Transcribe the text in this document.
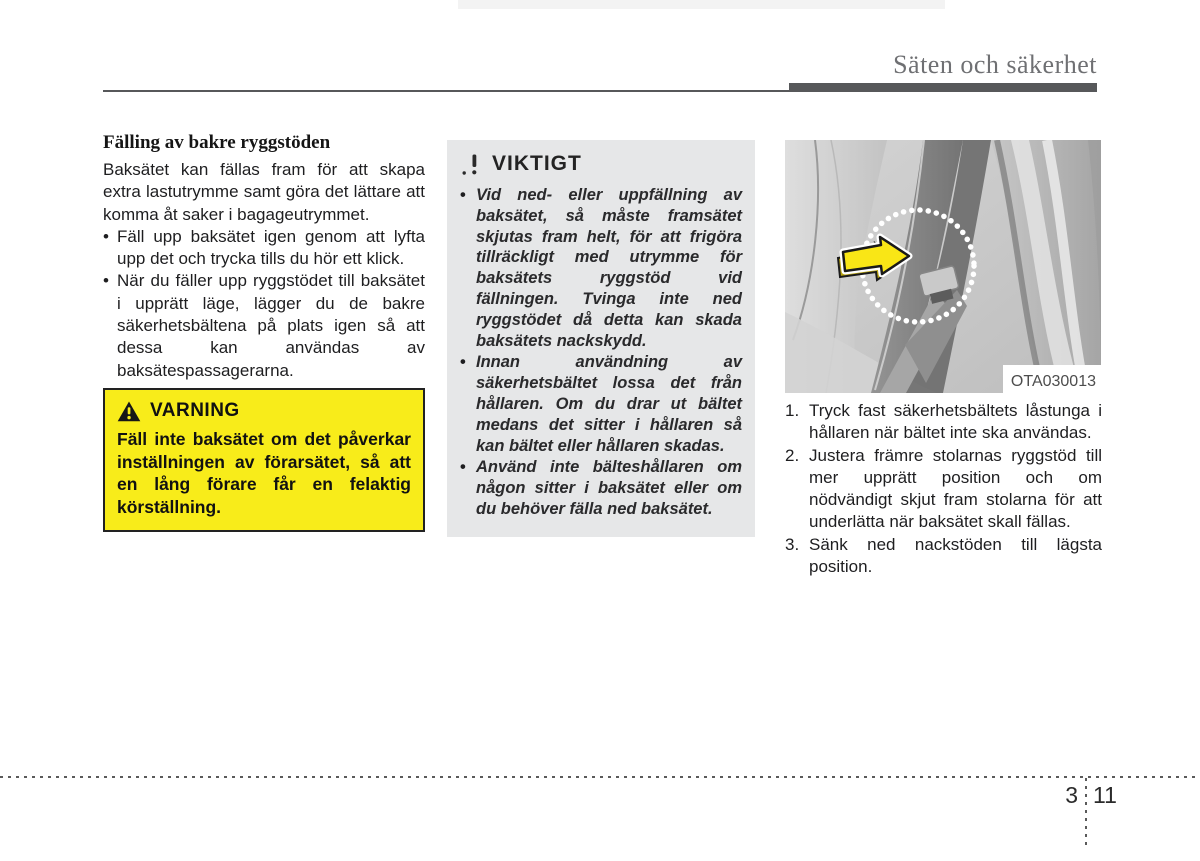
Säten och säkerhet
Fälling av bakre ryggstöden

Baksätet kan fällas fram för att skapa extra lastutrymme samt göra det lättare att komma åt saker i bagageutrymmet.

• Fäll upp baksätet igen genom att lyfta upp det och trycka tills du hör ett klick.
• När du fäller upp ryggstödet till baksätet i upprätt läge, lägger du de bakre säkerhetsbältena på plats igen så att dessa kan användas av baksätespassagerarna.
VARNING
Fäll inte baksätet om det påverkar inställningen av förarsätet, så att en lång förare får en felaktig körställning.
VIKTIGT
• Vid ned- eller uppfällning av baksätet, så måste framsätet skjutas fram helt, för att frigöra tillräckligt med utrymme för baksätets ryggstöd vid fällningen. Tvinga inte ned ryggstödet då detta kan skada baksätets nackskydd.
• Innan användning av säkerhetsbältet lossa det från hållaren. Om du drar ut bältet medans det sitter i hållaren så kan bältet eller hållaren skadas.
• Använd inte bälteshållaren om någon sitter i baksätet eller om du behöver fälla ned baksätet.
OTA030013
1. Tryck fast säkerhetsbältets låstunga i hållaren när bältet inte ska användas.
2. Justera främre stolarnas ryggstöd till mer upprätt position och om nödvändigt skjut fram stolarna för att underlätta när baksätet skall fällas.
3. Sänk ned nackstöden till lägsta position.
3 11
